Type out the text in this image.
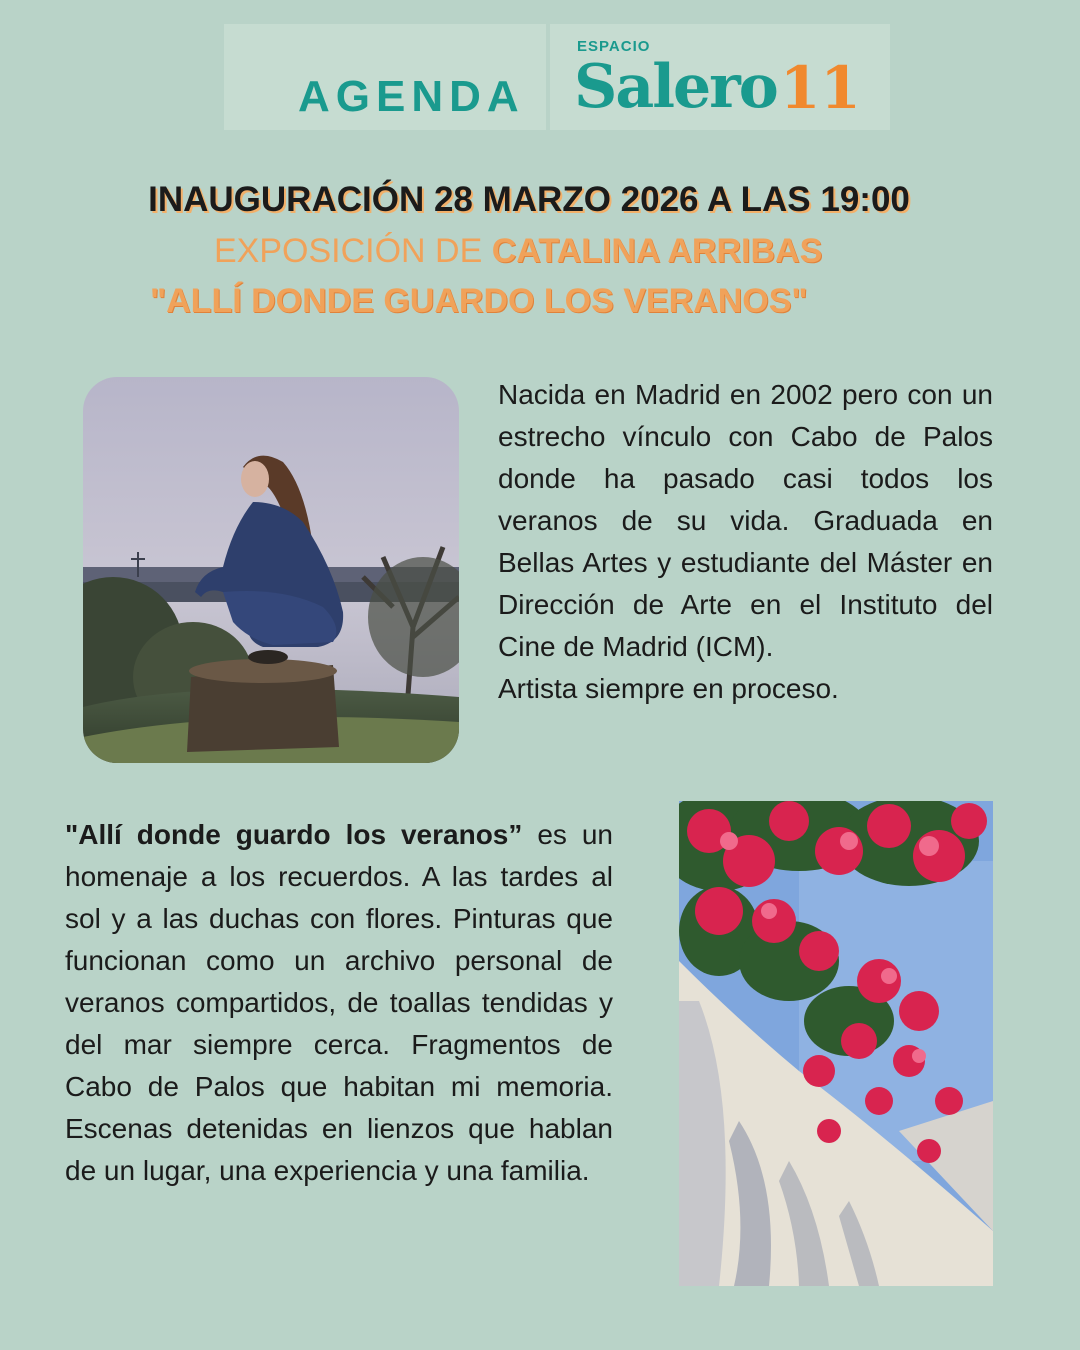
AGENDA
ESPACIO
Salero 11
INAUGURACIÓN 28 MARZO 2026 A LAS 19:00
EXPOSICIÓN DE CATALINA ARRIBAS
"ALLÍ DONDE GUARDO LOS VERANOS"
Nacida en Madrid en 2002 pero con un estrecho vínculo con Cabo de Palos donde ha pasado casi todos los veranos de su vida. Graduada en Bellas Artes y estudiante del Máster en Dirección de Arte en el Instituto del Cine de Madrid (ICM).
Artista siempre en proceso.
"Allí donde guardo los veranos” es un homenaje a los recuerdos. A las tardes al sol y a las duchas con flores. Pinturas que funcionan como un archivo personal de veranos compartidos, de toallas tendidas y del mar siempre cerca. Fragmentos de Cabo de Palos que habitan mi memoria. Escenas detenidas en lienzos que hablan de un lugar, una experiencia y una familia.
